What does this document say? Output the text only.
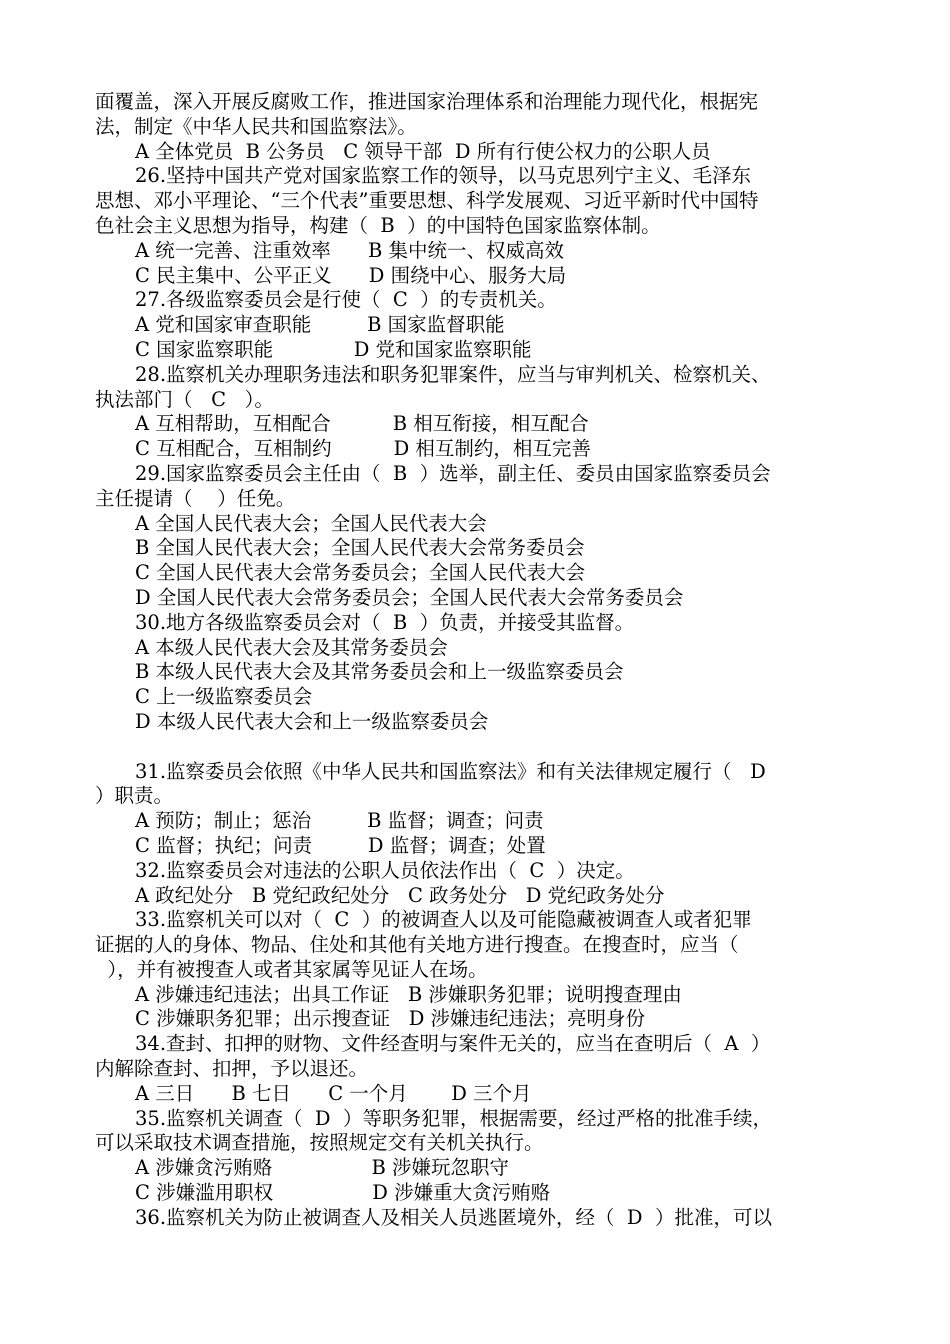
面覆盖，深入开展反腐败工作，推进国家治理体系和治理能力现代化，根据宪
法，制定《中华人民共和国监察法》。
A 全体党员  B 公务员   C 领导干部  D 所有行使公权力的公职人员
26.坚持中国共产党对国家监察工作的领导，以马克思列宁主义、毛泽东
思想、邓小平理论、“三个代表”重要思想、科学发展观、习近平新时代中国特
色社会主义思想为指导，构建（  B  ）的中国特色国家监察体制。
A 统一完善、注重效率      B 集中统一、权威高效
C 民主集中、公平正义      D 围绕中心、服务大局
27.各级监察委员会是行使（  C  ）的专责机关。
A 党和国家审查职能         B 国家监督职能
C 国家监察职能             D 党和国家监察职能
28.监察机关办理职务违法和职务犯罪案件，应当与审判机关、检察机关、
执法部门（   C   ）。
A 互相帮助，互相配合          B 相互衔接，相互配合
C 互相配合，互相制约          D 相互制约，相互完善
29.国家监察委员会主任由（  B  ）选举，副主任、委员由国家监察委员会
主任提请（    ）任免。
A 全国人民代表大会；全国人民代表大会
B 全国人民代表大会；全国人民代表大会常务委员会
C 全国人民代表大会常务委员会；全国人民代表大会
D 全国人民代表大会常务委员会；全国人民代表大会常务委员会
30.地方各级监察委员会对（  B  ）负责，并接受其监督。
A 本级人民代表大会及其常务委员会
B 本级人民代表大会及其常务委员会和上一级监察委员会
C 上一级监察委员会
D 本级人民代表大会和上一级监察委员会
31.监察委员会依照《中华人民共和国监察法》和有关法律规定履行（   D
）职责。
A 预防；制止；惩治         B 监督；调查；问责
C 监督；执纪；问责         D 监督；调查；处置
32.监察委员会对违法的公职人员依法作出（  C  ）决定。
A 政纪处分   B 党纪政纪处分   C 政务处分   D 党纪政务处分
33.监察机关可以对（  C  ）的被调查人以及可能隐藏被调查人或者犯罪
证据的人的身体、物品、住处和其他有关地方进行搜查。在搜查时，应当（
），并有被搜查人或者其家属等见证人在场。
A 涉嫌违纪违法；出具工作证   B 涉嫌职务犯罪；说明搜查理由
C 涉嫌职务犯罪；出示搜查证   D 涉嫌违纪违法；亮明身份
34.查封、扣押的财物、文件经查明与案件无关的，应当在查明后（  A  ）
内解除查封、扣押，予以退还。
A 三日      B 七日      C 一个月       D 三个月
35.监察机关调查（  D  ）等职务犯罪，根据需要，经过严格的批准手续，
可以采取技术调查措施，按照规定交有关机关执行。
A 涉嫌贪污贿赂                B 涉嫌玩忽职守
C 涉嫌滥用职权                D 涉嫌重大贪污贿赂
36.监察机关为防止被调查人及相关人员逃匿境外，经（  D  ）批准，可以
